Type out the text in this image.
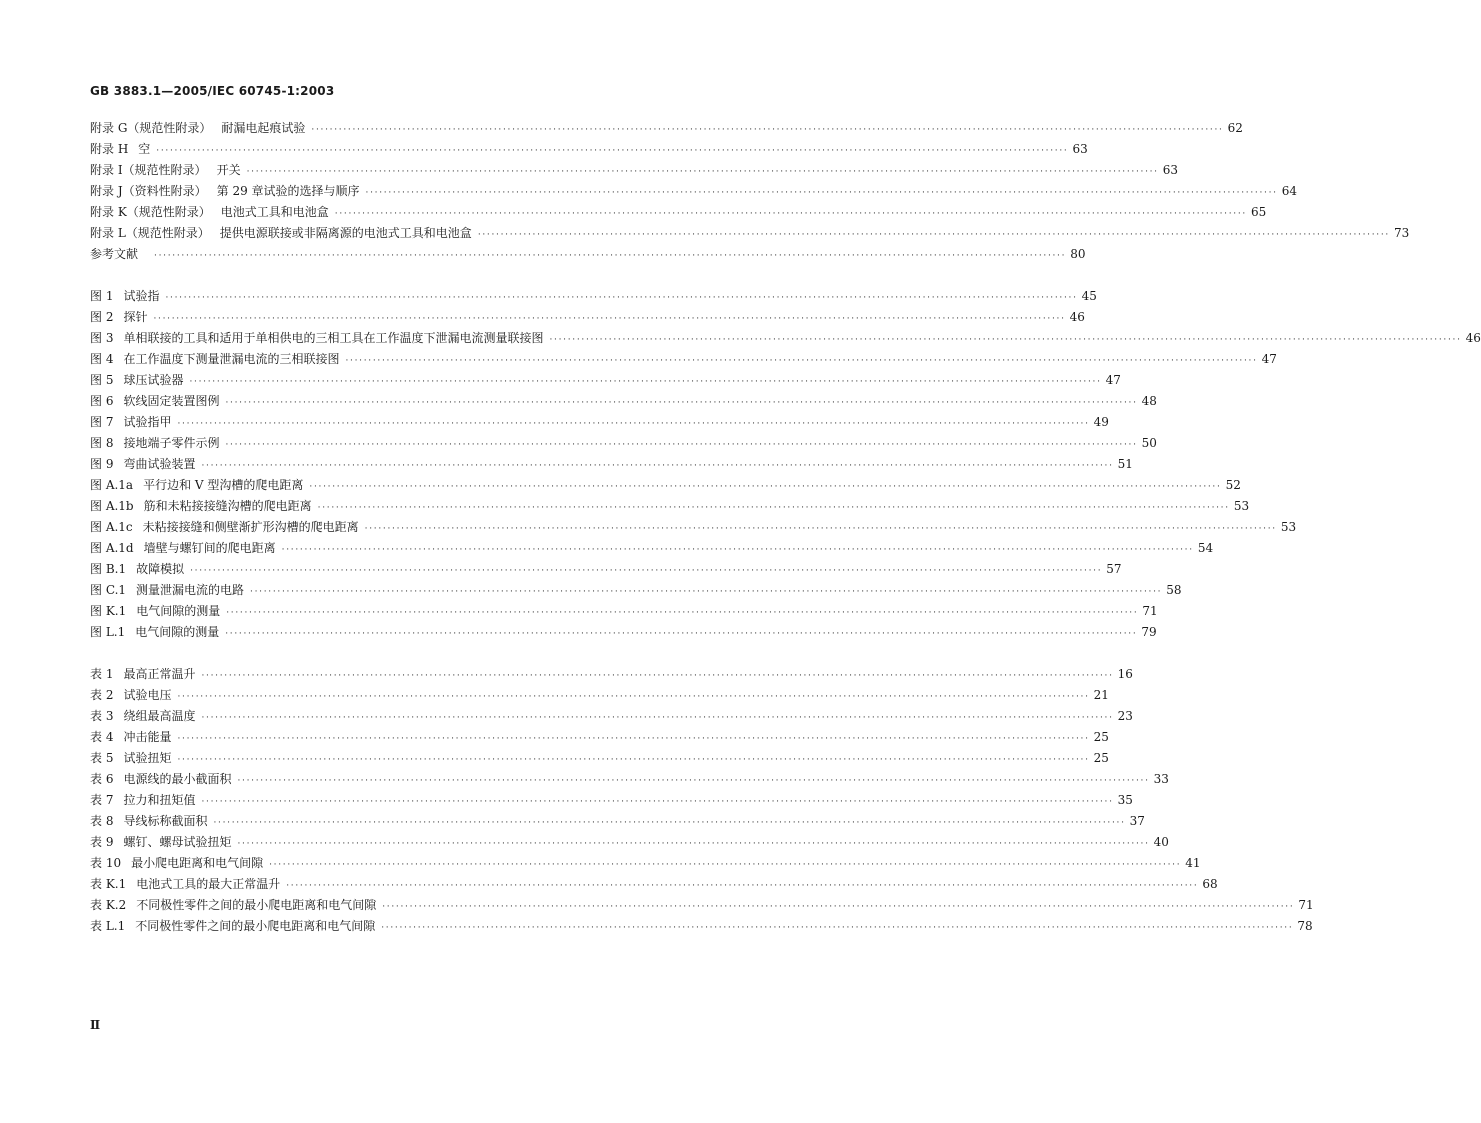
GB 3883.1—2005/IEC 60745-1:2003
附录 G（规范性附录） 耐漏电起痕试验 ········································································································································································································ 62
附录 H 空 ········································································································································································································ 63
附录 I（规范性附录） 开关 ········································································································································································································ 63
附录 J（资料性附录） 第 29 章试验的选择与顺序 ········································································································································································································ 64
附录 K（规范性附录） 电池式工具和电池盒 ········································································································································································································ 65
附录 L（规范性附录） 提供电源联接或非隔离源的电池式工具和电池盒 ········································································································································································································ 73
参考文献 ········································································································································································································ 80
图 1 试验指 ········································································································································································································ 45
图 2 探针 ········································································································································································································ 46
图 3 单相联接的工具和适用于单相供电的三相工具在工作温度下泄漏电流测量联接图 ········································································································································································································ 46
图 4 在工作温度下测量泄漏电流的三相联接图 ········································································································································································································ 47
图 5 球压试验器 ········································································································································································································ 47
图 6 软线固定装置图例 ········································································································································································································ 48
图 7 试验指甲 ········································································································································································································ 49
图 8 接地端子零件示例 ········································································································································································································ 50
图 9 弯曲试验装置 ········································································································································································································ 51
图 A.1a 平行边和 V 型沟槽的爬电距离 ········································································································································································································ 52
图 A.1b 筋和未粘接接缝沟槽的爬电距离 ········································································································································································································ 53
图 A.1c 未粘接接缝和侧壁渐扩形沟槽的爬电距离 ········································································································································································································ 53
图 A.1d 墙壁与螺钉间的爬电距离 ········································································································································································································ 54
图 B.1 故障模拟 ········································································································································································································ 57
图 C.1 测量泄漏电流的电路 ········································································································································································································ 58
图 K.1 电气间隙的测量 ········································································································································································································ 71
图 L.1 电气间隙的测量 ········································································································································································································ 79
表 1 最高正常温升 ········································································································································································································ 16
表 2 试验电压 ········································································································································································································ 21
表 3 绕组最高温度 ········································································································································································································ 23
表 4 冲击能量 ········································································································································································································ 25
表 5 试验扭矩 ········································································································································································································ 25
表 6 电源线的最小截面积 ········································································································································································································ 33
表 7 拉力和扭矩值 ········································································································································································································ 35
表 8 导线标称截面积 ········································································································································································································ 37
表 9 螺钉、螺母试验扭矩 ········································································································································································································ 40
表 10 最小爬电距离和电气间隙 ········································································································································································································ 41
表 K.1 电池式工具的最大正常温升 ········································································································································································································ 68
表 K.2 不同极性零件之间的最小爬电距离和电气间隙 ········································································································································································································ 71
表 L.1 不同极性零件之间的最小爬电距离和电气间隙 ········································································································································································································ 78
Ⅱ
